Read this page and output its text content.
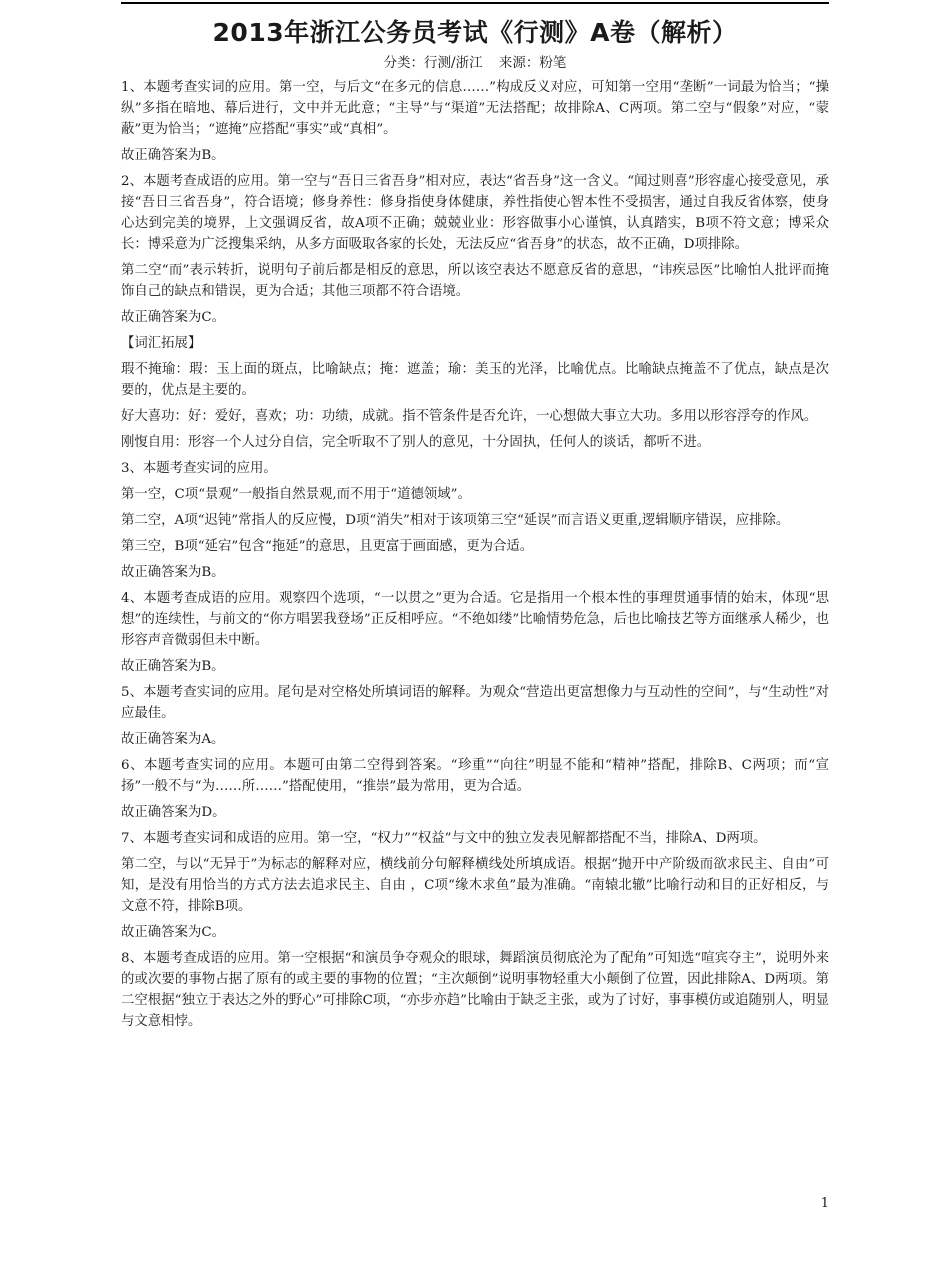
2013年浙江公务员考试《行测》A卷（解析）
分类：行测/浙江 来源：粉笔

1、本题考查实词的应用。第一空，与后文“在多元的信息……”构成反义对应，可知第一空用“垄断”一词最为恰当；“操纵”多指在暗地、幕后进行，文中并无此意；“主导”与“渠道”无法搭配；故排除A、C两项。第二空与“假象”对应，“蒙蔽”更为恰当；“遮掩”应搭配“事实”或“真相”。

故正确答案为B。

2、本题考查成语的应用。第一空与“吾日三省吾身”相对应，表达“省吾身”这一含义。“闻过则喜”形容虚心接受意见，承接“吾日三省吾身”，符合语境；修身养性：修身指使身体健康，养性指使心智本性不受损害，通过自我反省体察，使身心达到完美的境界，上文强调反省，故A项不正确；兢兢业业：形容做事小心谨慎，认真踏实，B项不符文意；博采众长：博采意为广泛搜集采纳，从多方面吸取各家的长处，无法反应“省吾身”的状态，故不正确，D项排除。

第二空“而”表示转折，说明句子前后都是相反的意思，所以该空表达不愿意反省的意思，“讳疾忌医”比喻怕人批评而掩饰自己的缺点和错误，更为合适；其他三项都不符合语境。

故正确答案为C。

【词汇拓展】

瑕不掩瑜：瑕：玉上面的斑点，比喻缺点；掩：遮盖；瑜：美玉的光泽，比喻优点。比喻缺点掩盖不了优点，缺点是次要的，优点是主要的。

好大喜功：好：爱好，喜欢；功：功绩，成就。指不管条件是否允许，一心想做大事立大功。多用以形容浮夸的作风。

刚愎自用：形容一个人过分自信，完全听取不了别人的意见，十分固执，任何人的谈话，都听不进。

3、本题考查实词的应用。

第一空，C项“景观”一般指自然景观,而不用于“道德领域”。

第二空，A项“迟钝”常指人的反应慢，D项“消失”相对于该项第三空“延误”而言语义更重,逻辑顺序错误，应排除。

第三空，B项“延宕”包含“拖延”的意思，且更富于画面感，更为合适。

故正确答案为B。

4、本题考查成语的应用。观察四个选项，“一以贯之”更为合适。它是指用一个根本性的事理贯通事情的始末，体现“思想”的连续性，与前文的“你方唱罢我登场”正反相呼应。“不绝如缕”比喻情势危急，后也比喻技艺等方面继承人稀少，也形容声音微弱但未中断。

故正确答案为B。

5、本题考查实词的应用。尾句是对空格处所填词语的解释。为观众“营造出更富想像力与互动性的空间”，与“生动性”对应最佳。

故正确答案为A。

6、本题考查实词的应用。本题可由第二空得到答案。“珍重”“向往”明显不能和“精神”搭配，排除B、C两项；而“宣扬”一般不与“为……所……”搭配使用，“推崇”最为常用，更为合适。

故正确答案为D。

7、本题考查实词和成语的应用。第一空，“权力”“权益”与文中的独立发表见解都搭配不当，排除A、D两项。

第二空，与以“无异于”为标志的解释对应，横线前分句解释横线处所填成语。根据“抛开中产阶级而欲求民主、自由”可知，是没有用恰当的方式方法去追求民主、自由 ，C项“缘木求鱼”最为准确。“南辕北辙”比喻行动和目的正好相反，与文意不符，排除B项。

故正确答案为C。

8、本题考查成语的应用。第一空根据“和演员争夺观众的眼球，舞蹈演员彻底沦为了配角”可知选“喧宾夺主”，说明外来的或次要的事物占据了原有的或主要的事物的位置；“主次颠倒”说明事物轻重大小颠倒了位置，因此排除A、D两项。第二空根据“独立于表达之外的野心”可排除C项，“亦步亦趋”比喻由于缺乏主张，或为了讨好，事事模仿或追随别人，明显与文意相悖。

1
